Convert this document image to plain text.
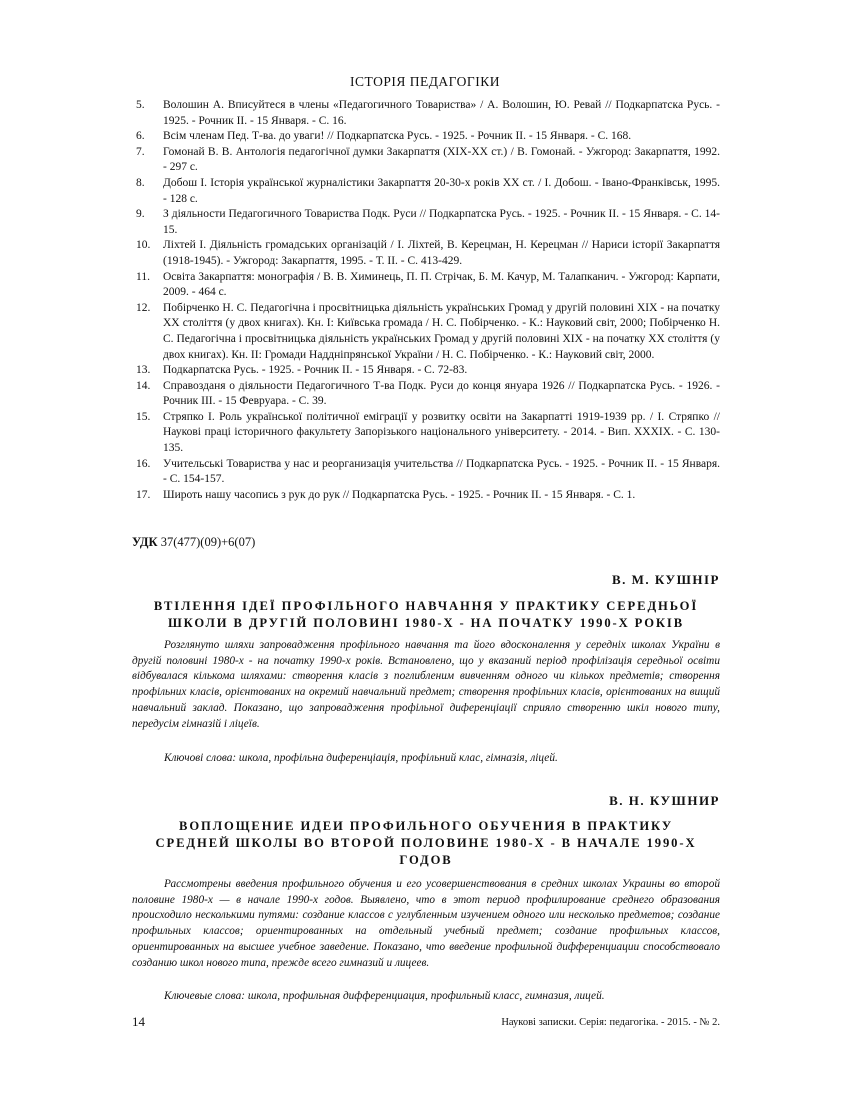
ІСТОРІЯ ПЕДАГОГІКИ
5.	Волошин А. Вписуйтеся в члены «Педагогичного Товариства» / А. Волошин, Ю. Ревай // Подкарпатска Русь. - 1925. - Рочник ІІ. - 15 Января. - С. 16.
6.	Всім членам Пед. Т-ва. до уваги! // Подкарпатска Русь. - 1925. - Рочник ІІ. - 15 Января. - С. 168.
7.	Гомонай В. В. Антологія педагогічної думки Закарпаття (XIX-XX ст.) / В. Гомонай. - Ужгород: Закарпаття, 1992. - 297 с.
8.	Добош І. Історія української журналістики Закарпаття 20-30-х років XX ст. / І. Добош. - Івано-Франківськ, 1995. - 128 с.
9.	З діяльности Педагогичного Товариства Подк. Руси // Подкарпатска Русь. - 1925. - Рочник ІІ. - 15 Января. - С. 14-15.
10.	Ліхтей І. Діяльність громадських організацій / І. Ліхтей, В. Керецман, Н. Керецман // Нариси історії Закарпаття (1918-1945). - Ужгород: Закарпаття, 1995. - Т. ІІ. - С. 413-429.
11.	Освіта Закарпаття: монографія / В. В. Химинець, П. П. Стрічак, Б. М. Качур, М. Талапканич. - Ужгород: Карпати, 2009. - 464 с.
12.	Побірченко Н. С. Педагогічна і просвітницька діяльність українських Громад у другій половині XIX - на початку XX століття (у двох книгах). Кн. І: Київська громада / Н. С. Побірченко. - К.: Науковий світ, 2000; Побірченко Н. С. Педагогічна і просвітницька діяльність українських Громад у другій половині XIX - на початку XX століття (у двох книгах). Кн. ІІ: Громади Наддніпрянської України / Н. С. Побірченко. - К.: Науковий світ, 2000.
13.	Подкарпатска Русь. - 1925. - Рочник ІІ. - 15 Января. - С. 72-83.
14.	Справозданя о діяльности Педагогичного Т-ва Подк. Руси до конця януара 1926 // Подкарпатска Русь. - 1926. - Рочник ІІІ. - 15 Февруара. - С. 39.
15.	Стряпко І. Роль української політичної еміграції у розвитку освіти на Закарпатті 1919-1939 рр. / І. Стряпко // Наукові праці історичного факультету Запорізького національного університету. - 2014. - Вип. XXXIX. - С. 130-135.
16.	Учительські Товариства у нас и реорганизація учительства // Подкарпатска Русь. - 1925. - Рочник ІІ. - 15 Января. - С. 154-157.
17.	Широть нашу часопись з рук до рук // Подкарпатска Русь. - 1925. - Рочник ІІ. - 15 Января. - С. 1.
УДК 37(477)(09)+6(07)
В. М. КУШНІР
ВТІЛЕННЯ ІДЕЇ ПРОФІЛЬНОГО НАВЧАННЯ У ПРАКТИКУ СЕРЕДНЬОЇ
ШКОЛИ В ДРУГІЙ ПОЛОВИНІ 1980-Х - НА ПОЧАТКУ 1990-Х РОКІВ

Розглянуто шляхи запровадження профільного навчання та його вдосконалення у середніх школах України в другій половині 1980-х - на початку 1990-х років. Встановлено, що у вказаний період профілізація середньої освіти відбувалася кількома шляхами: створення класів з поглибленим вивченням одного чи кількох предметів; створення профільних класів, орієнтованих на окремий навчальний предмет; створення профільних класів, орієнтованих на вищий навчальний заклад. Показано, що запровадження профільної диференціації сприяло створенню шкіл нового типу, передусім гімназій і ліцеїв.

Ключові слова: школа, профільна диференціація, профільний клас, гімназія, ліцей.

В. Н. КУШНИР
ВОПЛОЩЕНИЕ ИДЕИ ПРОФИЛЬНОГО ОБУЧЕНИЯ В ПРАКТИКУ
СРЕДНЕЙ ШКОЛЫ ВО ВТОРОЙ ПОЛОВИНЕ 1980-Х - В НАЧАЛЕ 1990-Х
ГОДОВ

Рассмотрены введения профильного обучения и его усовершенствования в средних школах Украины во второй половине 1980-х — в начале 1990-х годов. Выявлено, что в этот период профилирование среднего образования происходило несколькими путями: создание классов с углубленным изучением одного или несколько предметов; создание профильных классов; ориентированных на отдельный учебный предмет; создание профильных классов, ориентированных на высшее учебное заведение. Показано, что введение профильной дифференциации способствовало созданию школ нового типа, прежде всего гимназий и лицеев.

Ключевые слова: школа, профильная дифференциация, профильный класс, гимназия, лицей.

14	Наукові записки. Серія: педагогіка. - 2015. - № 2.
